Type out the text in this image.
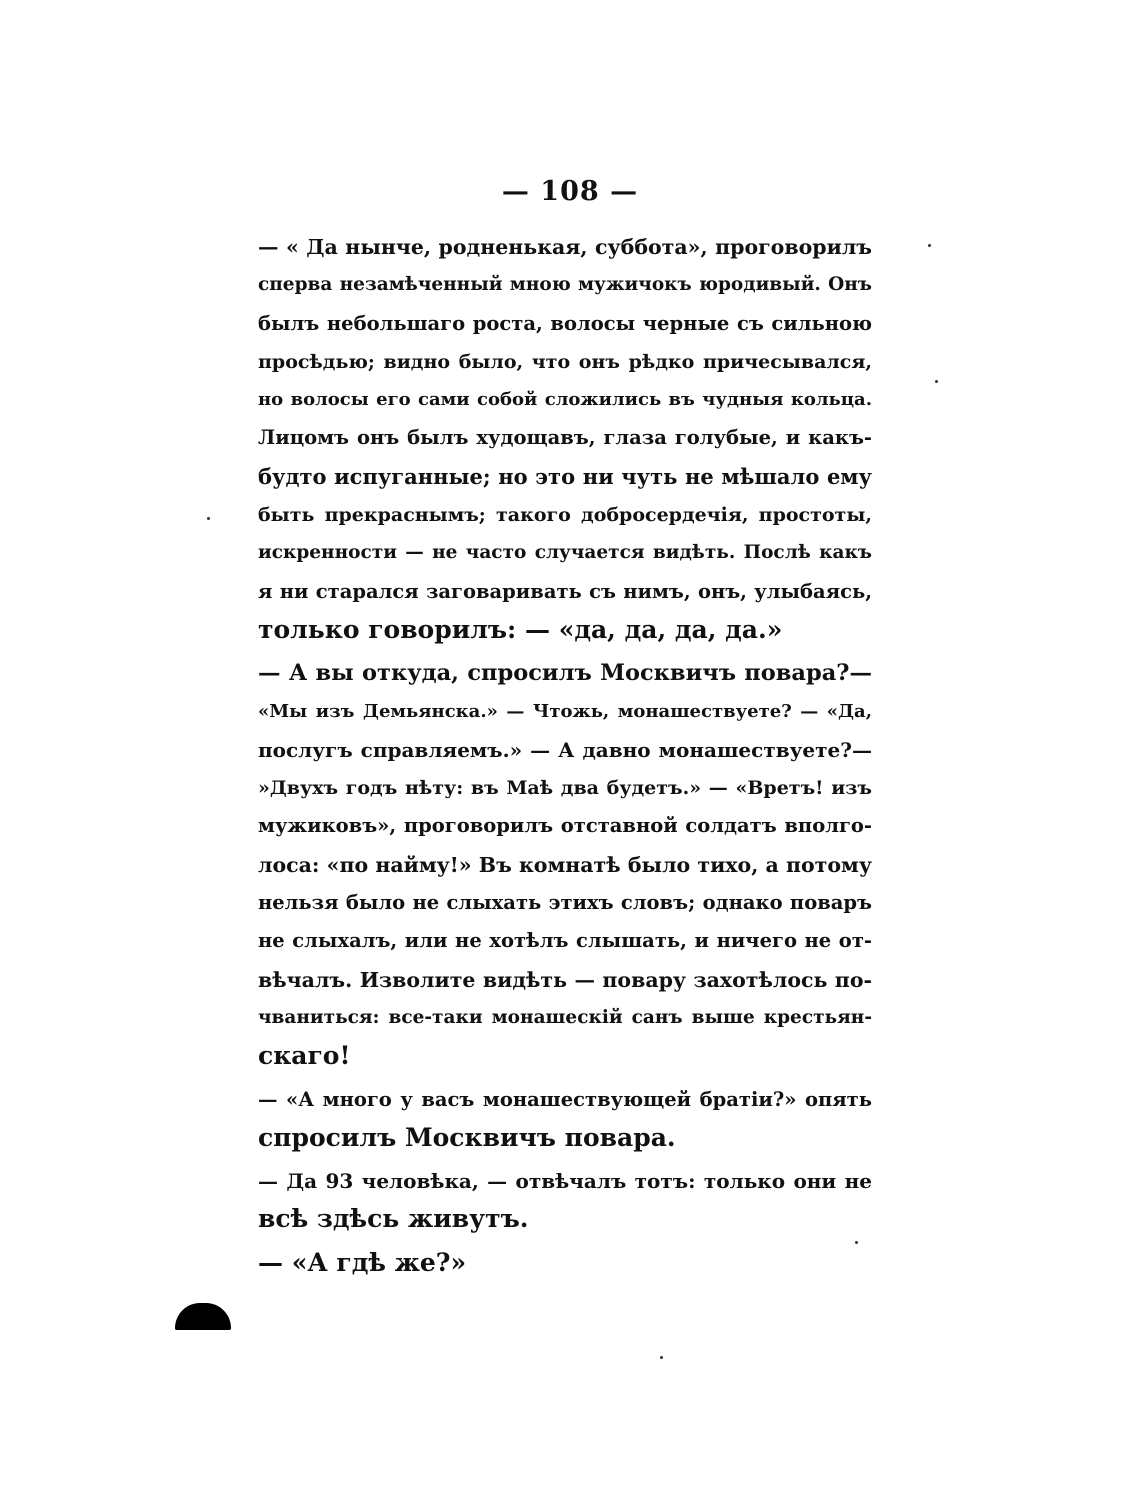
— 108 —
— « Да нынче, родненькая, суббота», проговорилъ
сперва незамѣченный мною мужичокъ юродивый. Онъ
былъ небольшаго роста, волосы черные съ сильною
просѣдью; видно было, что онъ рѣдко причесывался,
но волосы его сами собой сложились въ чудныя кольца.
Лицомъ онъ былъ худощавъ, глаза голубые, и какъ-
будто испуганные; но это ни чуть не мѣшало ему
быть прекраснымъ; такого добросердечія, простоты,
искренности — не часто случается видѣть. Послѣ какъ
я ни старался заговаривать съ нимъ, онъ, улыбаясь,
только говорилъ: — «да, да, да, да.»
— А вы откуда, спросилъ Москвичъ повара?—
«Мы изъ Демьянска.» — Чтожь, монашествуете? — «Да,
послугъ справляемъ.» — А давно монашествуете?—
»Двухъ годъ нѣту: въ Маѣ два будетъ.» — «Вретъ! изъ
мужиковъ», проговорилъ отставной солдатъ вполго-
лоса: «по найму!» Въ комнатѣ было тихо, а потому
нельзя было не слыхать этихъ словъ; однако поваръ
не слыхалъ, или не хотѣлъ слышать, и ничего не от-
вѣчалъ. Изволите видѣть — повару захотѣлось по-
чваниться: все-таки монашескій санъ выше крестьян-
скаго!
— «А много у васъ монашествующей братіи?» опять
спросилъ Москвичъ повара.
— Да 93 человѣка, — отвѣчалъ тотъ: только они не
всѣ здѣсь живутъ.
— «А гдѣ же?»
